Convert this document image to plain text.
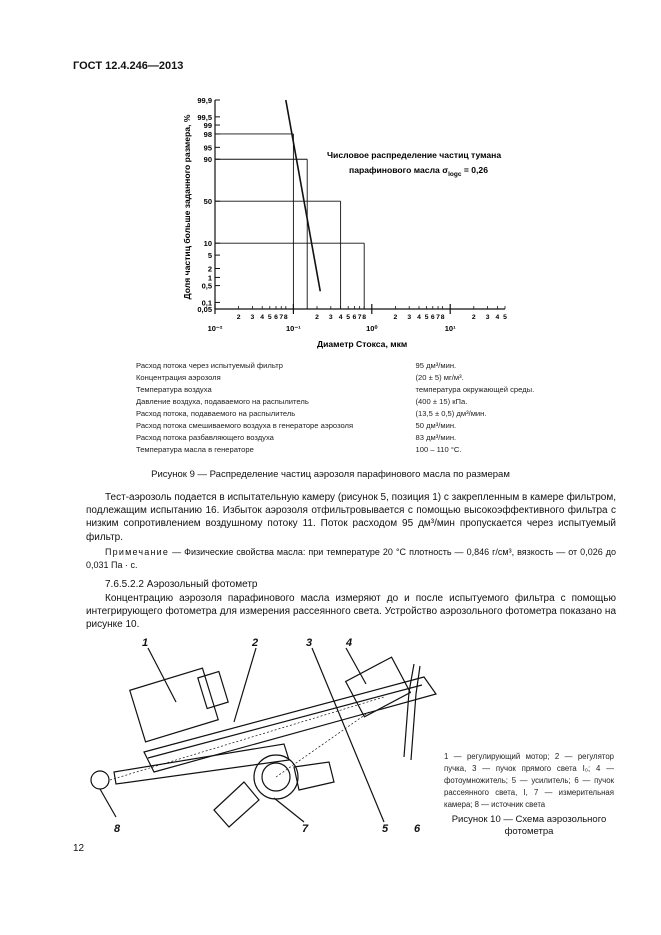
ГОСТ 12.4.246—2013
99,9
99,5
99
98
95
90
50
10
5
2
1
0,5
0,1
0,05
10⁻²
2 3 4 5 6 7 8
10⁻¹
2 3 4 5 6 7 8
10⁰
2 3 4 5 6 7 8
10¹
2 3 4 5
Доля частиц больше заданного размера, %
Диаметр Стокса, мкм
Числовое распределение частиц тумана
парафинового масла $\sigma_{logc} = 0,26$
Расход потока через испытуемый фильтр	95 дм³/мин.
Концентрация аэрозоля	(20 ± 5) мг/м³.
Температура воздуха	температура окружающей среды.
Давление воздуха, подаваемого на распылитель	(400 ± 15) кПа.
Расход потока, подаваемого на распылитель	(13,5 ± 0,5) дм³/мин.
Расход потока смешиваемого воздуха в генераторе аэрозоля	50 дм³/мин.
Расход потока разбавляющего воздуха	83 дм³/мин.
Температура масла в генераторе	100 – 110 °С.
Рисунок 9 — Распределение частиц аэрозоля парафинового масла по размерам

Тест-аэрозоль подается в испытательную камеру (рисунок 5, позиция 1) с закрепленным в камере фильтром, подлежащим испытанию 16. Избыток аэрозоля отфильтровывается с помощью высокоэффективного фильтра с низким сопротивлением воздушному потоку 11. Поток расходом 95 дм³/мин пропускается через испытуемый фильтр.

Примечание — Физические свойства масла: при температуре 20 °С плотность — 0,846 г/см³, вязкость — от 0,026 до 0,031 Па · с.

7.6.5.2.2 Аэрозольный фотометр

Концентрацию аэрозоля парафинового масла измеряют до и после испытуемого фильтра с помощью интегрирующего фотометра для измерения рассеянного света. Устройство аэрозольного фотометра показано на рисунке 10.

1	2	3	4
5 6
7
8
1 — регулирующий мотор; 2 — регулятор пучка, 3 — пучок прямого света I₀; 4 — фотоумножитель; 5 — усилитель; 6 — пучок рассеянного света, I, 7 — измерительная камера; 8 — источник света
Рисунок 10 — Схема аэрозольного фотометра
12
